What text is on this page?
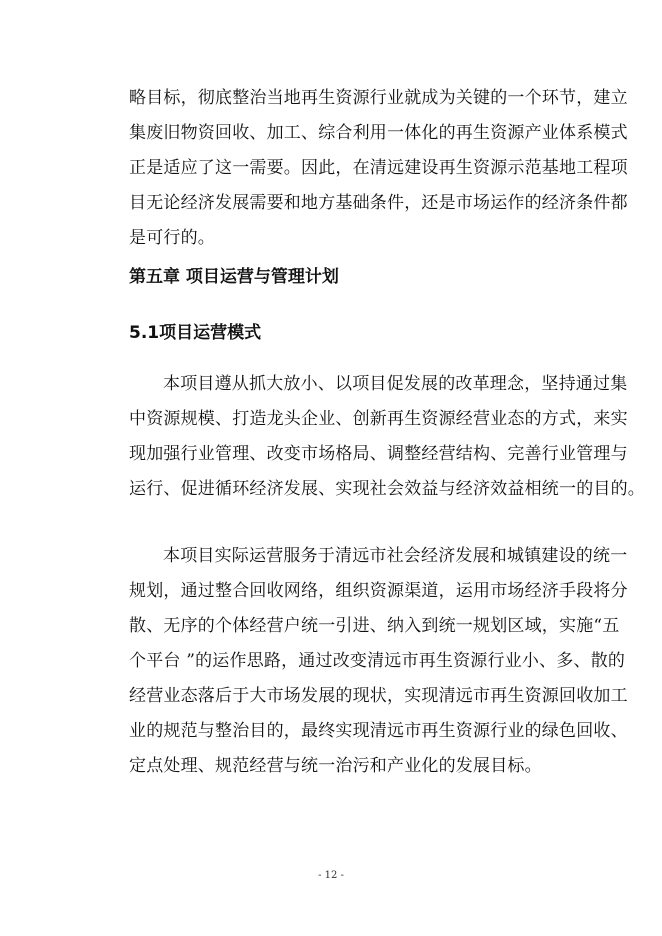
略目标，彻底整治当地再生资源行业就成为关键的一个环节，建立
集废旧物资回收、加工、综合利用一体化的再生资源产业体系模式
正是适应了这一需要。因此，在清远建设再生资源示范基地工程项
目无论经济发展需要和地方基础条件，还是市场运作的经济条件都
是可行的。
第五章 项目运营与管理计划
5.1项目运营模式
本项目遵从抓大放小、以项目促发展的改革理念，坚持通过集
中资源规模、打造龙头企业、创新再生资源经营业态的方式，来实
现加强行业管理、改变市场格局、调整经营结构、完善行业管理与
运行、促进循环经济发展、实现社会效益与经济效益相统一的目的。
本项目实际运营服务于清远市社会经济发展和城镇建设的统一
规划，通过整合回收网络，组织资源渠道，运用市场经济手段将分
散、无序的个体经营户统一引进、纳入到统一规划区域，实施“五
个平台 ”的运作思路，通过改变清远市再生资源行业小、多、散的
经营业态落后于大市场发展的现状，实现清远市再生资源回收加工
业的规范与整治目的，最终实现清远市再生资源行业的绿色回收、
定点处理、规范经营与统一治污和产业化的发展目标。
- 12 -
